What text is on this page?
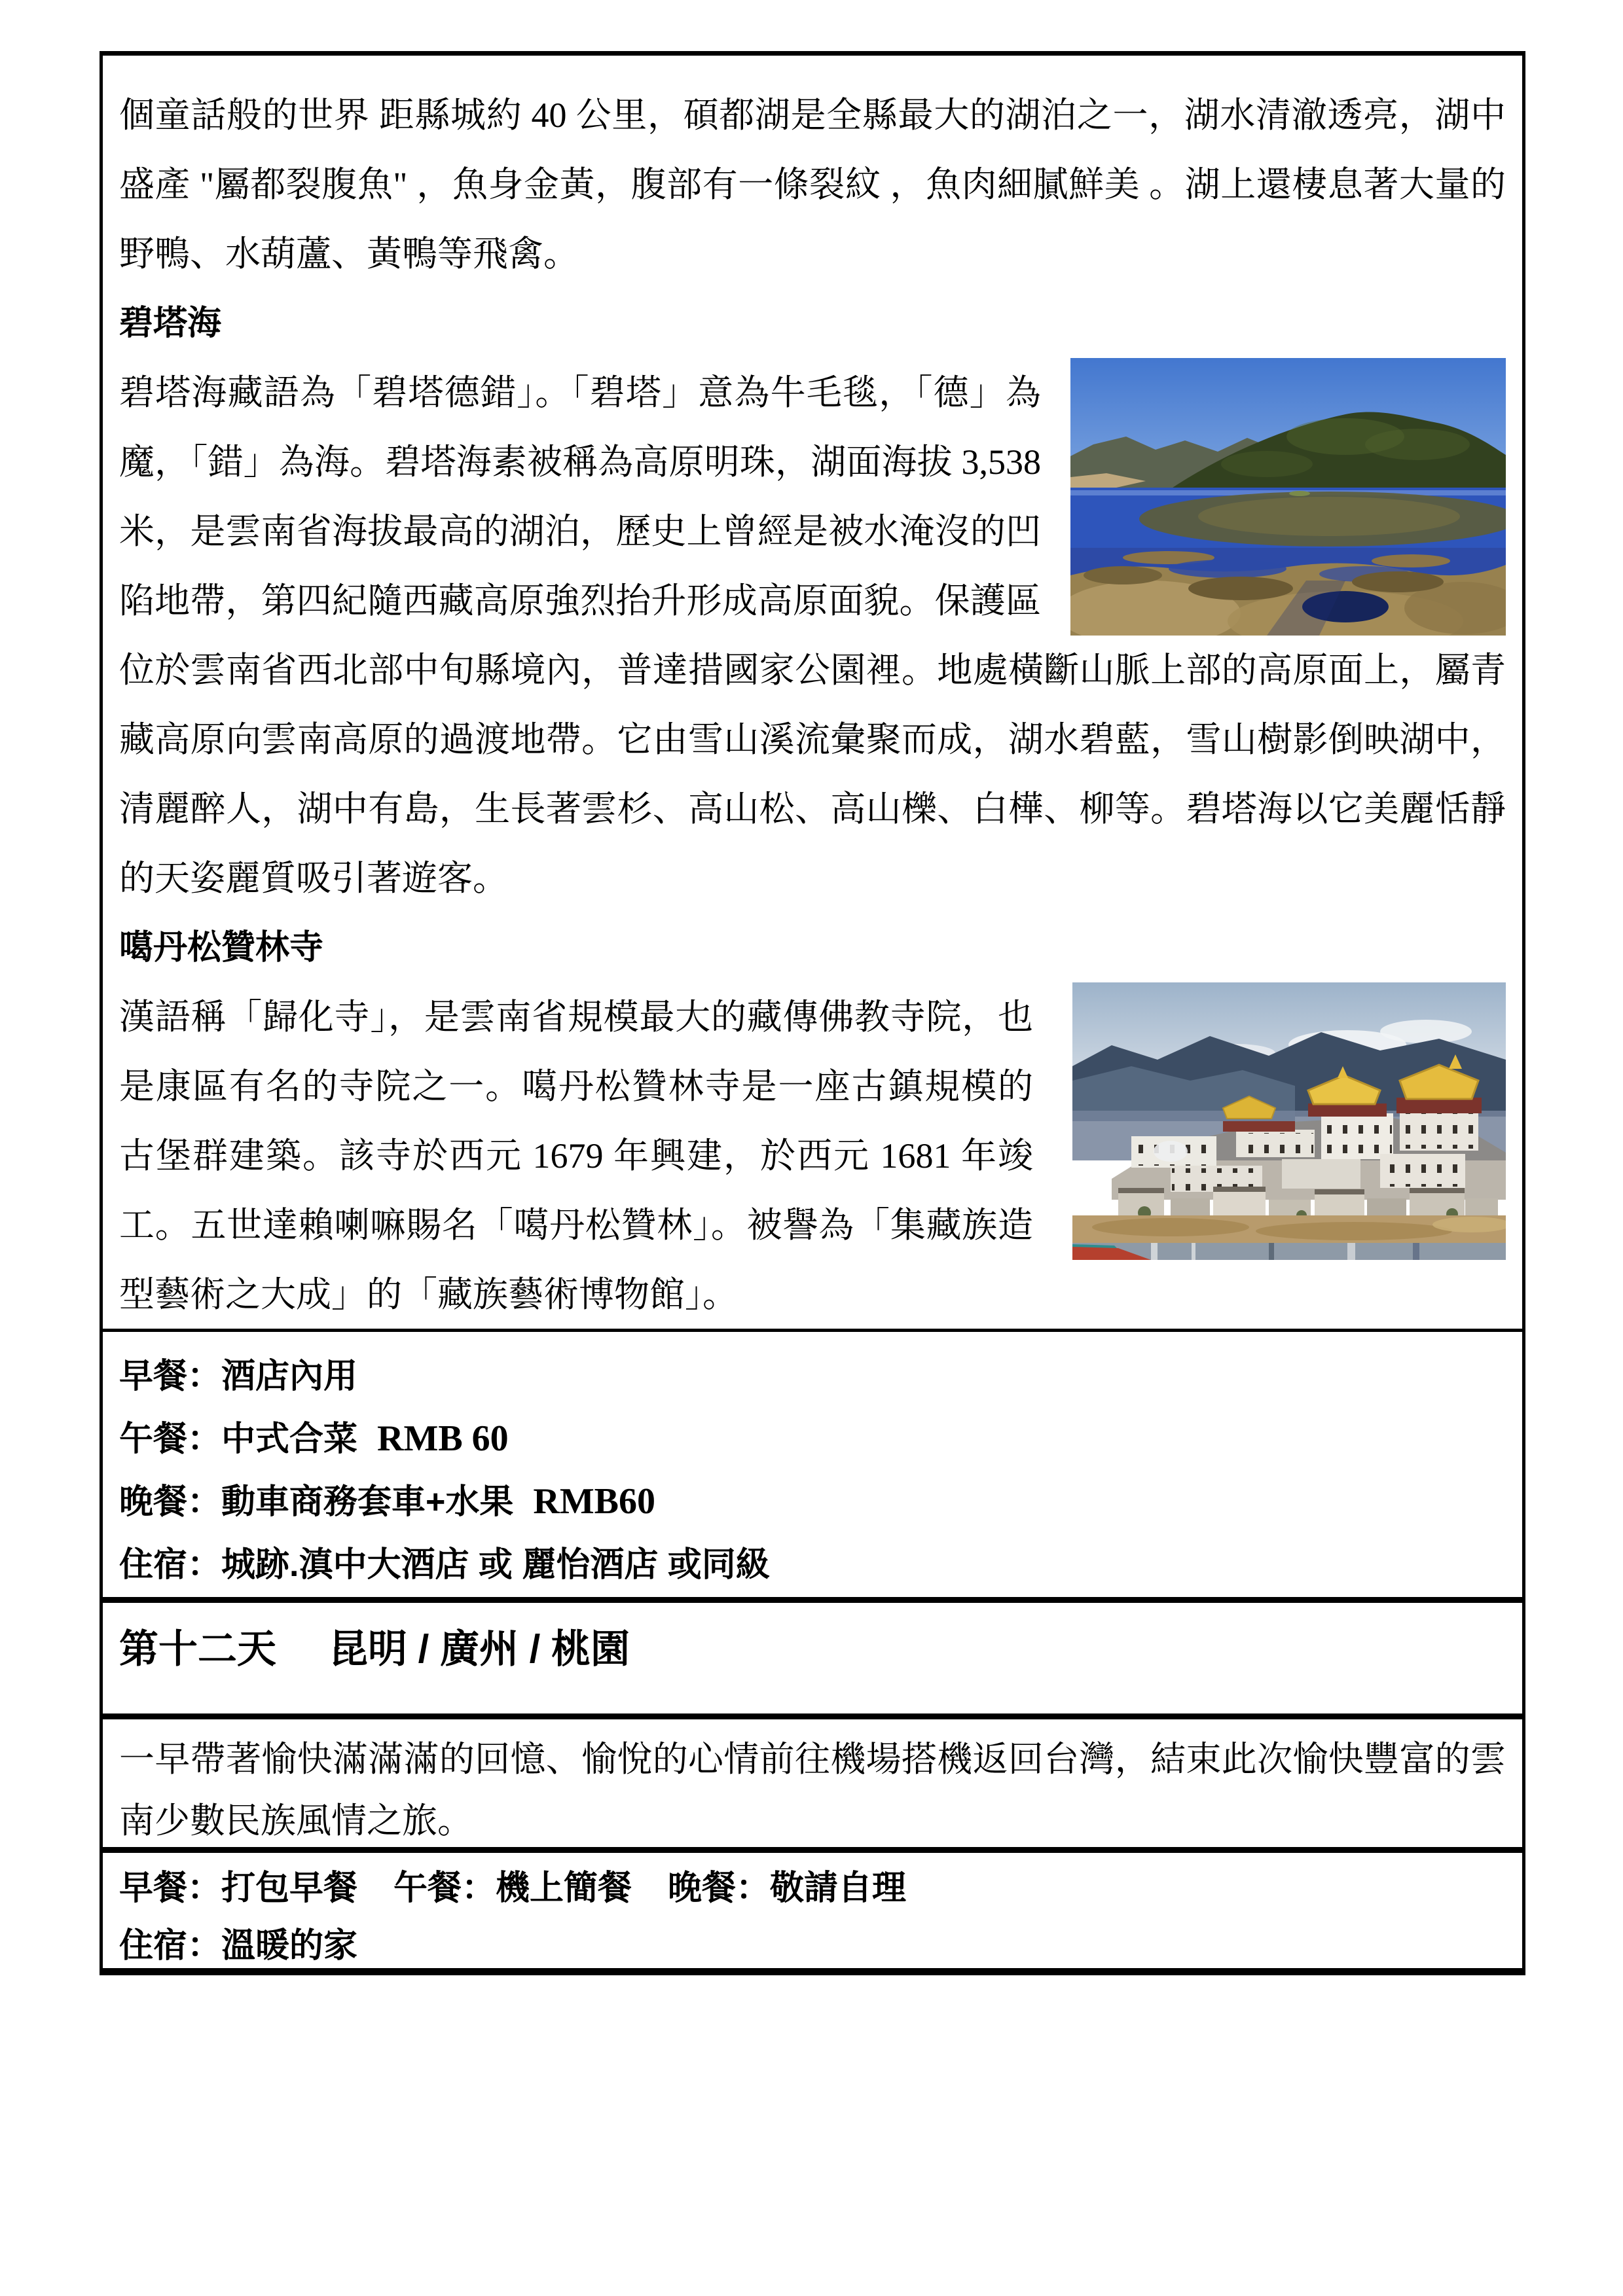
個童話般的世界 距縣城約 40 公里，碩都湖是全縣最大的湖泊之一，湖水清澈透亮，湖中盛產 "屬都裂腹魚" ，魚身金黃，腹部有一條裂紋 ，魚肉細膩鮮美 。湖上還棲息著大量的野鴨、水葫蘆、黃鴨等飛禽。

碧塔海

碧塔海藏語為「碧塔德錯」。「碧塔」意為牛毛毯，「德」為魔，「錯」為海。碧塔海素被稱為高原明珠，湖面海拔 3,538 米，是雲南省海拔最高的湖泊，歷史上曾經是被水淹沒的凹陷地帶，第四紀隨西藏高原強烈抬升形成高原面貌。保護區位於雲南省西北部中旬縣境內，普達措國家公園裡。地處橫斷山脈上部的高原面上，屬青藏高原向雲南高原的過渡地帶。它由雪山溪流彙聚而成，湖水碧藍，雪山樹影倒映湖中，清麗醉人，湖中有島，生長著雲杉、高山松、高山櫟、白樺、柳等。碧塔海以它美麗恬靜的天姿麗質吸引著遊客。

噶丹松贊林寺

漢語稱「歸化寺」，是雲南省規模最大的藏傳佛教寺院，也是康區有名的寺院之一。噶丹松贊林寺是一座古鎮規模的古堡群建築。該寺於西元 1679 年興建，於西元 1681 年竣工。五世達賴喇嘛賜名「噶丹松贊林」。被譽為「集藏族造型藝術之大成」的「藏族藝術博物館」。

早餐：酒店內用
午餐：中式合菜 RMB 60
晚餐：動車商務套車+水果 RMB60
住宿：城跡.滇中大酒店 或 麗怡酒店 或同級
第十二天 昆明 / 廣州 / 桃園

一早帶著愉快滿滿滿的回憶、愉悅的心情前往機場搭機返回台灣，結束此次愉快豐富的雲南少數民族風情之旅。

早餐：打包早餐 午餐：機上簡餐 晚餐：敬請自理
住宿：溫暖的家
